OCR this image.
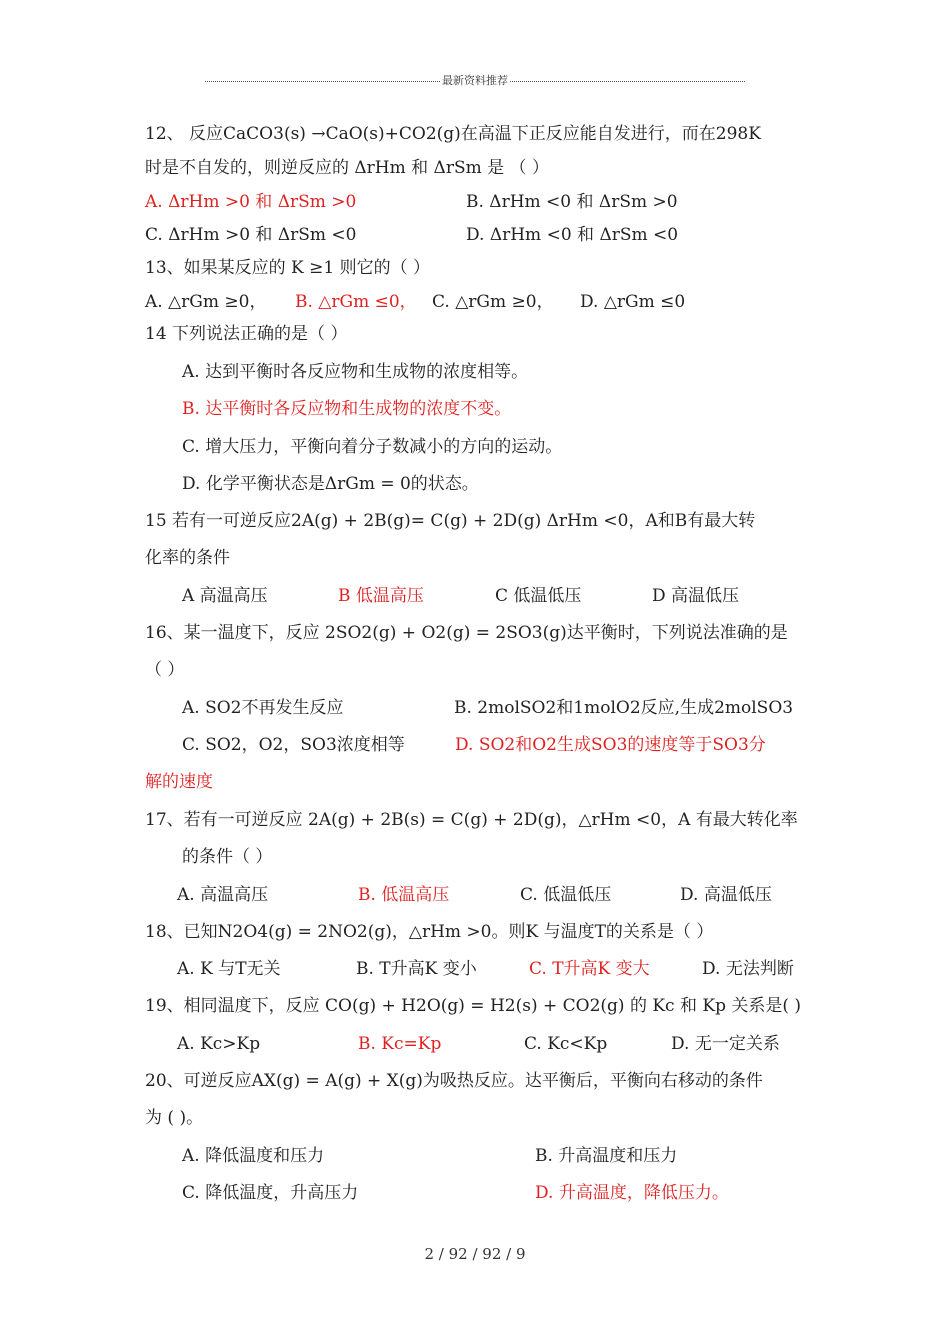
最新资料推荐
12、 反应CaCO3(s) →CaO(s)+CO2(g)在高温下正反应能自发进行，而在298K
时是不自发的，则逆反应的 ΔrHm 和 ΔrSm 是 （ ）
A. ΔrHm >0 和 ΔrSm >0	B. ΔrHm <0 和 ΔrSm >0
C. ΔrHm >0 和 ΔrSm <0	D. ΔrHm <0 和 ΔrSm <0
13、如果某反应的 K ≥1 则它的（ ）
A. △rGm ≥0， B. △rGm ≤0， C. △rGm ≥0， D. △rGm ≤0
14 下列说法正确的是（ ）
A. 达到平衡时各反应物和生成物的浓度相等。
B. 达平衡时各反应物和生成物的浓度不变。
C. 增大压力，平衡向着分子数减小的方向的运动。
D. 化学平衡状态是ΔrGm = 0的状态。
15 若有一可逆反应2A(g) + 2B(g)= C(g) + 2D(g) ΔrHm <0，A和B有最大转
化率的条件
A 高温高压	B 低温高压	C 低温低压	D 高温低压
16、某一温度下，反应 2SO2(g) + O2(g) = 2SO3(g)达平衡时，下列说法准确的是
（ ）
A. SO2不再发生反应	B. 2molSO2和1molO2反应,生成2molSO3
C. SO2，O2，SO3浓度相等	D. SO2和O2生成SO3的速度等于SO3分
解的速度
17、若有一可逆反应 2A(g) + 2B(s) = C(g) + 2D(g)，△rHm <0，A 有最大转化率
的条件（ ）
A. 高温高压	B. 低温高压	C. 低温低压	D. 高温低压
18、已知N2O4(g) = 2NO2(g)，△rHm >0。则K 与温度T的关系是（ ）
A. K 与T无关	B. T升高K 变小	C. T升高K 变大	D. 无法判断
19、相同温度下，反应 CO(g) + H2O(g) = H2(s) + CO2(g) 的 Kc 和 Kp 关系是( )
A. Kc>Kp	B. Kc=Kp	C. Kc<Kp	D. 无一定关系
20、可逆反应AX(g) = A(g) + X(g)为吸热反应。达平衡后，平衡向右移动的条件
为 ( )。
A. 降低温度和压力	B. 升高温度和压力
C. 降低温度，升高压力	D. 升高温度，降低压力。
2 / 92 / 92 / 9
